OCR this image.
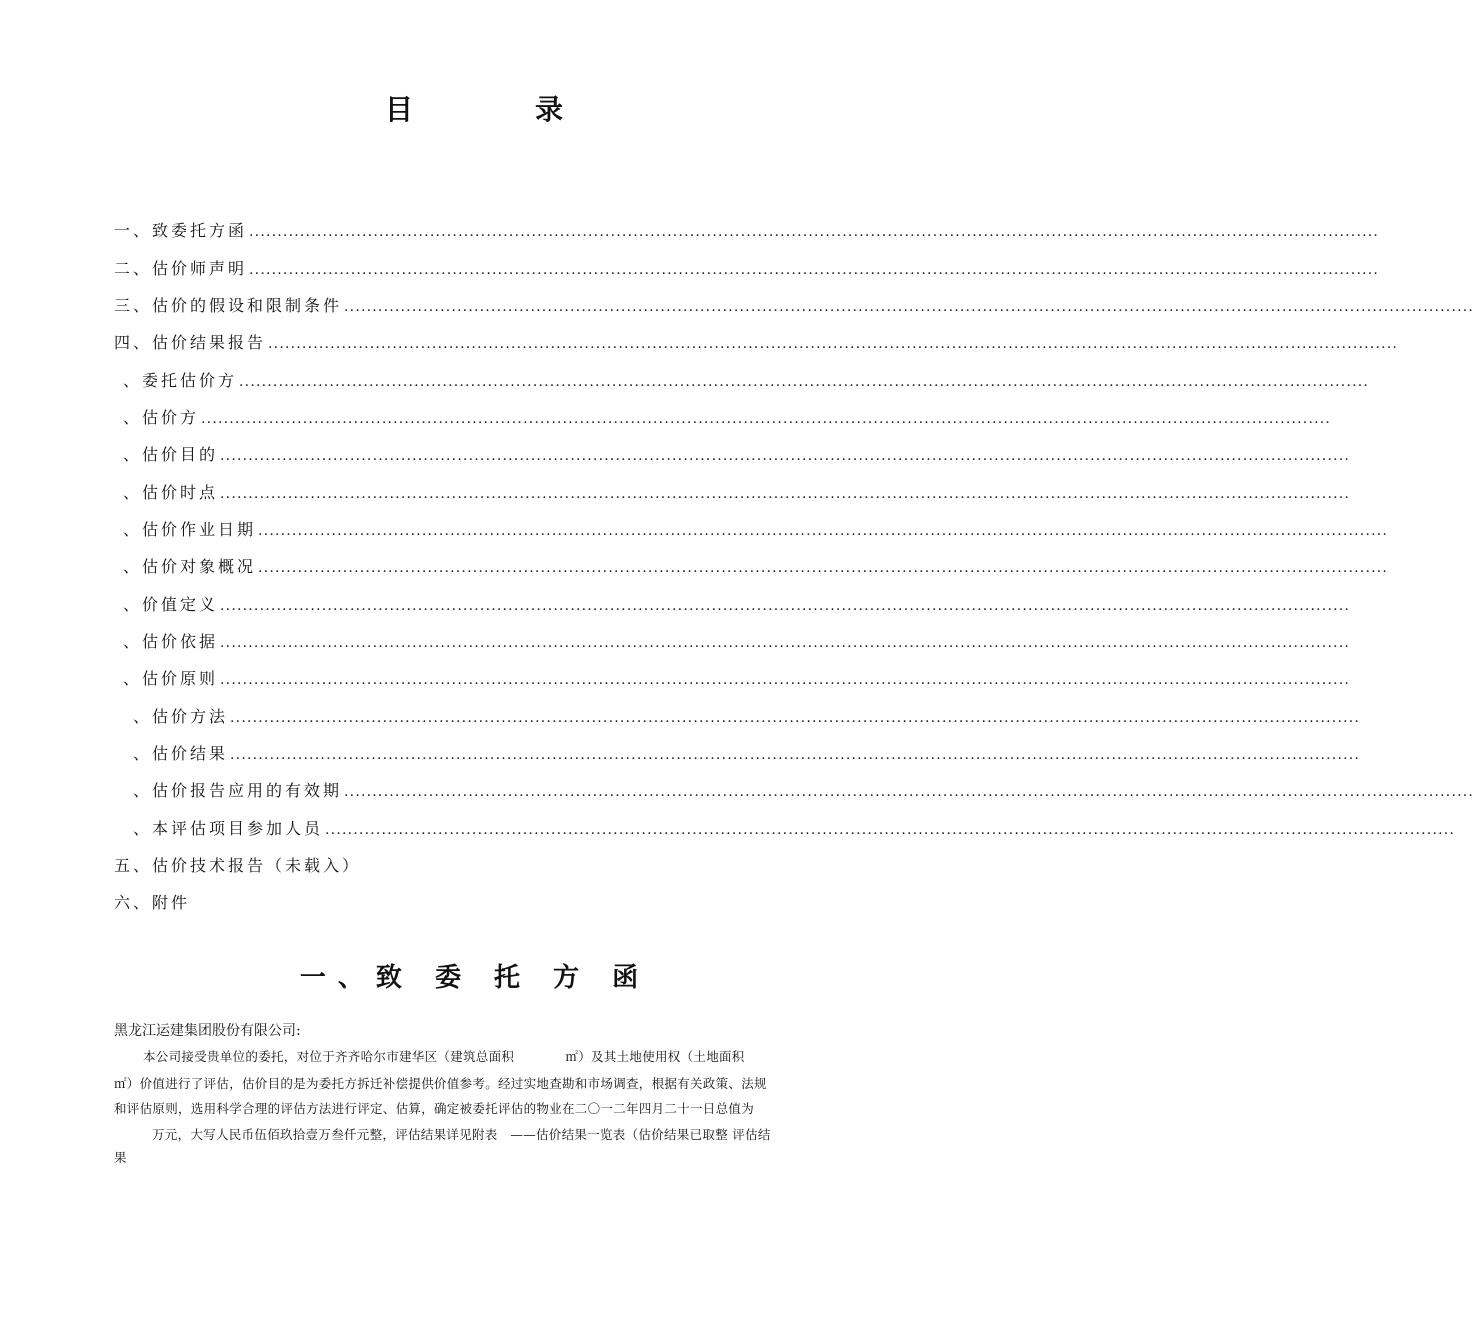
目	录
一、致委托方函 ........................................................................................................................................................................................................
二、估价师声明 ........................................................................................................................................................................................................
三、估价的假设和限制条件 ........................................................................................................................................................................................................
四、估价结果报告 ........................................................................................................................................................................................................
、委托估价方 ........................................................................................................................................................................................................
、估价方 ........................................................................................................................................................................................................
、估价目的 ........................................................................................................................................................................................................
、估价时点 ........................................................................................................................................................................................................
、估价作业日期 ........................................................................................................................................................................................................
、估价对象概况 ........................................................................................................................................................................................................
、价值定义 ........................................................................................................................................................................................................
、估价依据 ........................................................................................................................................................................................................
、估价原则 ........................................................................................................................................................................................................
、估价方法 ........................................................................................................................................................................................................
、估价结果 ........................................................................................................................................................................................................
、估价报告应用的有效期 ........................................................................................................................................................................................................
、本评估项目参加人员 ........................................................................................................................................................................................................
五、估价技术报告（未载入）
六、附件
一、致 委 托 方 函
黑龙江运建集团股份有限公司:
本公司接受贵单位的委托，对位于齐齐哈尔市建华区（建筑总面积　　　　㎡）及其土地使用权（土地面积
㎡）价值进行了评估，估价目的是为委托方拆迁补偿提供价值参考。经过实地查勘和市场调查，根据有关政策、法规
和评估原则，选用科学合理的评估方法进行评定、估算，确定被委托评估的物业在二〇一二年四月二十一日总值为
万元，大写人民币伍佰玖拾壹万叁仟元整，评估结果详见附表　——估价结果一览表（估价结果已取整 评估结
果
